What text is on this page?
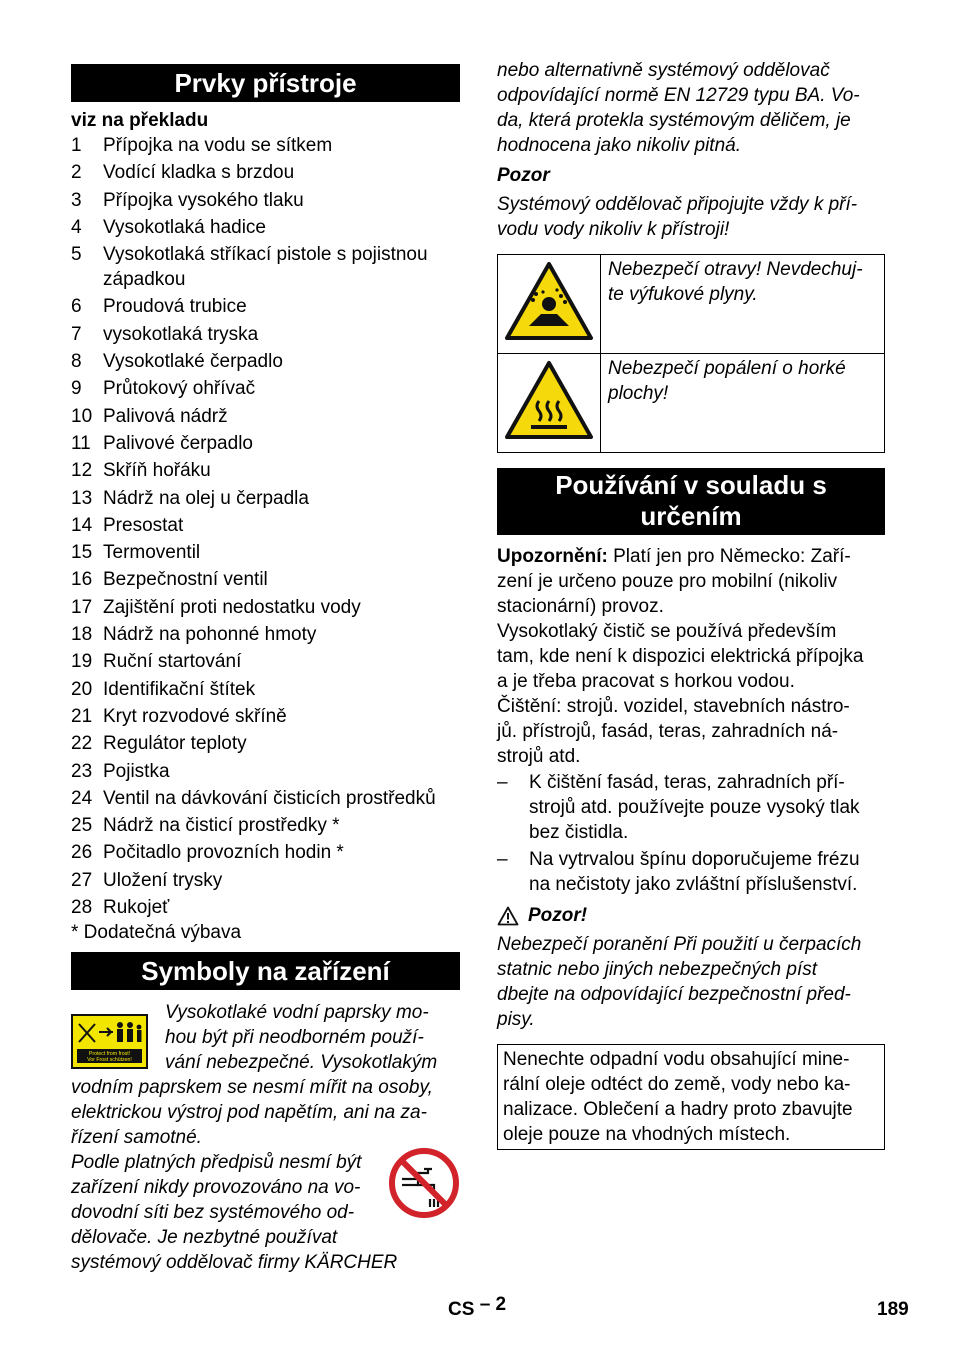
Prvky přístroje
viz na překladu
1	Přípojka na vodu se sítkem
2	Vodící kladka s brzdou
3	Přípojka vysokého tlaku
4	Vysokotlaká hadice
5	Vysokotlaká stříkací pistole s pojistnou západkou
6	Proudová trubice
7	vysokotlaká tryska
8	Vysokotlaké čerpadlo
9	Průtokový ohřívač
10 Palivová nádrž
11 Palivové čerpadlo
12 Skříň hořáku
13 Nádrž na olej u čerpadla
14 Presostat
15 Termoventil
16 Bezpečnostní ventil
17 Zajištění proti nedostatku vody
18 Nádrž na pohonné hmoty
19 Ruční startování
20 Identifikační štítek
21 Kryt rozvodové skříně
22 Regulátor teploty
23 Pojistka
24 Ventil na dávkování čisticích prostředků
25 Nádrž na čisticí prostředky *
26 Počitadlo provozních hodin *
27 Uložení trysky
28 Rukojeť
* Dodatečná výbava
Symboly na zařízení
Protect from frost!
Vor Frost schützen!
Vysokotlaké vodní paprsky mo-
hou být při neodborném použí-
vání nebezpečné. Vysokotlakým
vodním paprskem se nesmí mířit na osoby,
elektrickou výstroj pod napětím, ani na za-
řízení samotné.
Podle platných předpisů nesmí být
zařízení nikdy provozováno na vo-
dovodní síti bez systémového od-
dělovače. Je nezbytné používat
systémový oddělovač firmy KÄRCHER
nebo alternativně systémový oddělovač
odpovídající normě EN 12729 typu BA. Vo-
da, která protekla systémovým děličem, je
hodnocena jako nikoliv pitná.
Pozor
Systémový oddělovač připojujte vždy k pří-
vodu vody nikoliv k přístroji!

Nebezpečí otravy! Nevdechuj-
te výfukové plyny.

Nebezpečí popálení o horké
plochy!
Používání v souladu s
určením
Upozornění: Platí jen pro Německo: Zaří-
zení je určeno pouze pro mobilní (nikoliv
stacionární) provoz.
Vysokotlaký čistič se používá především
tam, kde není k dispozici elektrická přípojka
a je třeba pracovat s horkou vodou.
Čištění: strojů. vozidel, stavebních nástro-
jů. přístrojů, fasád, teras, zahradních ná-
strojů atd.
–	K čištění fasád, teras, zahradních pří-
strojů atd. používejte pouze vysoký tlak
bez čistidla.
–	Na vytrvalou špínu doporučujeme frézu
na nečistoty jako zvláštní příslušenství.
Pozor!
Nebezpečí poranění Při použití u čerpacích
statnic nebo jiných nebezpečných píst
dbejte na odpovídající bezpečnostní před-
pisy.
Nenechte odpadní vodu obsahující mine-
rální oleje odtéct do země, vody nebo ka-
nalizace. Oblečení a hadry proto zbavujte
oleje pouze na vhodných místech.
CS – 2	189
